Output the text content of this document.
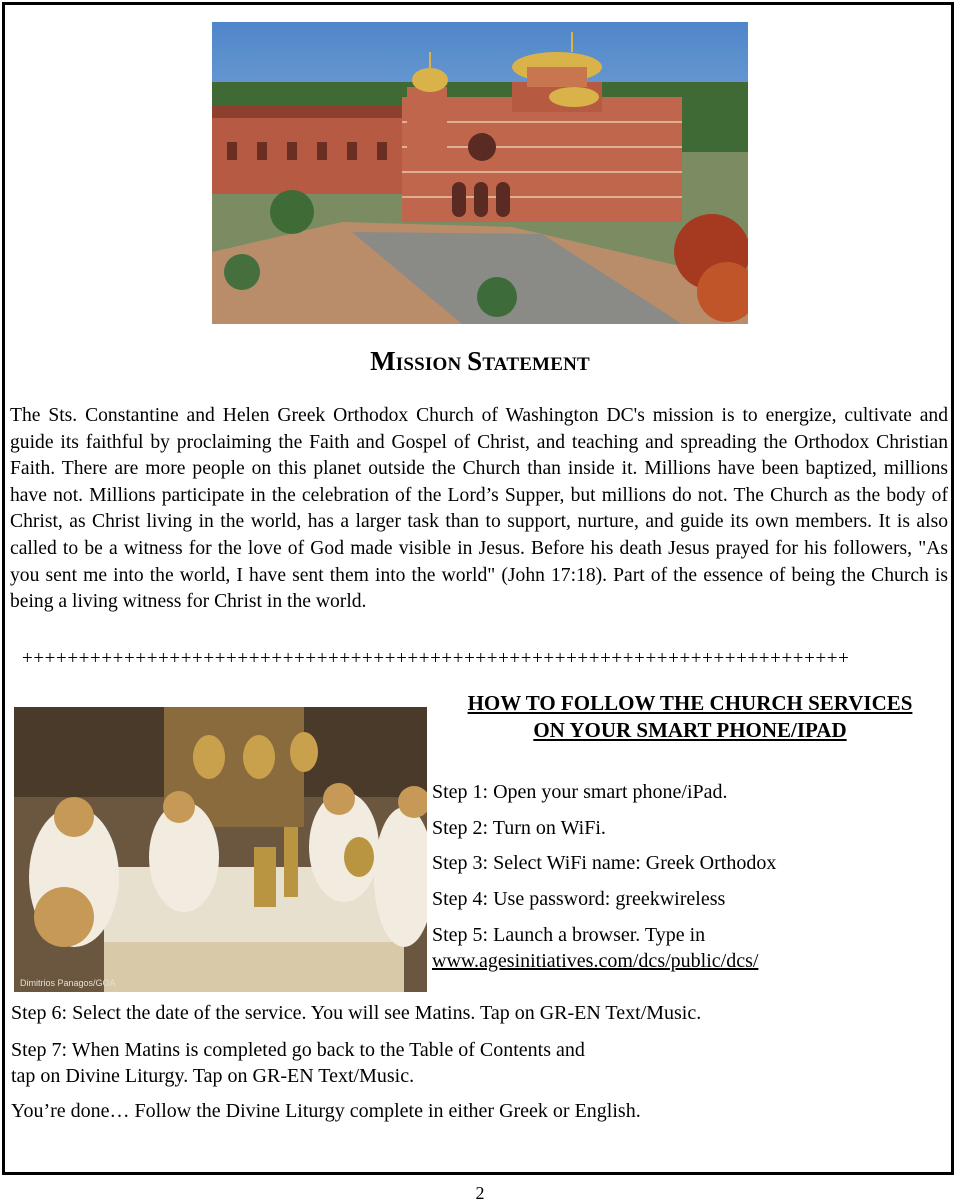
Mission Statement

The Sts. Constantine and Helen Greek Orthodox Church of Washington DC's mission is to energize, cultivate and guide its faithful by proclaiming the Faith and Gospel of Christ, and teaching and spreading the Orthodox Christian Faith. There are more people on this planet outside the Church than inside it. Millions have been baptized, millions have not. Millions participate in the celebration of the Lord’s Supper, but millions do not. The Church as the body of Christ, as Christ living in the world, has a larger task than to support, nurture, and guide its own members. It is also called to be a witness for the love of God made visible in Jesus. Before his death Jesus prayed for his followers, "As you sent me into the world, I have sent them into the world" (John 17:18). Part of the essence of being the Church is being a living witness for Christ in the world.

+++++++++++++++++++++++++++++++++++++++++++++++++++++++++++++++++++++++++
HOW TO FOLLOW THE CHURCH SERVICES
ON YOUR SMART PHONE/IPAD
Dimitrios Panagos/GOA
Step 1: Open your smart phone/iPad.
Step 2: Turn on WiFi.
Step 3: Select WiFi name: Greek Orthodox
Step 4: Use password: greekwireless
Step 5: Launch a browser. Type in
www.agesinitiatives.com/dcs/public/dcs/
Step 6: Select the date of the service. You will see Matins. Tap on GR-EN Text/Music.
Step 7: When Matins is completed go back to the Table of Contents and
tap on Divine Liturgy. Tap on GR-EN Text/Music.
You’re done… Follow the Divine Liturgy complete in either Greek or English.
2
